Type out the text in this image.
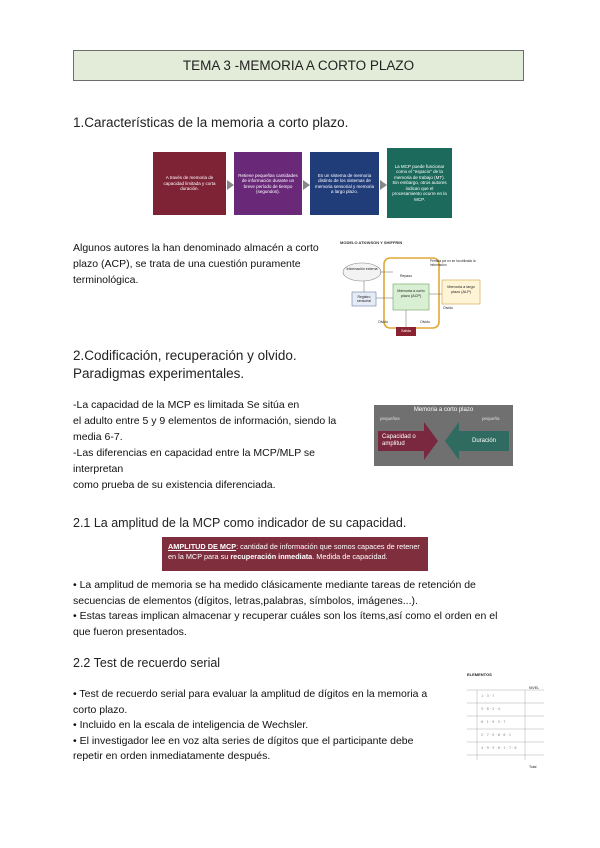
TEMA 3 -MEMORIA A CORTO PLAZO
1.Características de la memoria a corto plazo.
A través de memoria de capacidad limitada y corta duración.
Retiene pequeñas cantidades de información durante un breve período de tiempo (segundos).
Es un sistema de memoria distinto de los sistemas de memoria sensorial y memoria a largo plazo.
La MCP puede funcionar como el "espacio" de la memoria de trabajo (MT). Sin embargo, otros autores indican que el procesamiento ocurre en la MCP.
Algunos autores la han denominado almacén a corto
plazo (ACP), se trata de una cuestión puramente
terminológica.
MODELO ATKINSON Y SHIFFRIN
Información externa
Registro sensorial
Memoria a corto plazo (ACP)
Memoria a largo plazo (ALP)
Pérdida por no se ha utilizado la información
Repaso
Olvido	Olvido
Olvido
Salida
2.Codificación, recuperación y olvido.
Paradigmas experimentales.
-La capacidad de la MCP es limitada Se sitúa en
el adulto entre 5 y 9 elementos de información, siendo la
media 6-7.
-Las diferencias en capacidad entre la MCP/MLP se
interpretan
como prueba de su existencia diferenciada.
Memoria a corto plazo
pequeñas	pequeña
Capacidad o amplitud	Duración
2.1 La amplitud de la MCP como indicador de su capacidad.
AMPLITUD DE MCP: cantidad de información que somos capaces de retener en la MCP para su recuperación inmediata. Medida de capacidad.
• La amplitud de memoria se ha medido clásicamente mediante tareas de retención de
secuencias de elementos (dígitos, letras,palabras, símbolos, imágenes...).
• Estas tareas implican almacenar y recuperar cuáles son los ítems,así como el orden en el
que fueron presentados.
2.2 Test de recuerdo serial
• Test de recuerdo serial para evaluar la amplitud de dígitos en la memoria a
corto plazo.
• Incluido en la escala de inteligencia de Wechsler.
• El investigador lee en voz alta series de dígitos que el participante debe
repetir en orden inmediatamente después.
ELEMENTOS
NIVEL
1 · 3 · 7
5 · 8 · 2 · 4
6 · 1 · 9 · 3 · 7
2 · 7 · 5 · 8 · 6 · 1
4 · 9 · 3 · 6 · 1 · 7 · 8
Total
